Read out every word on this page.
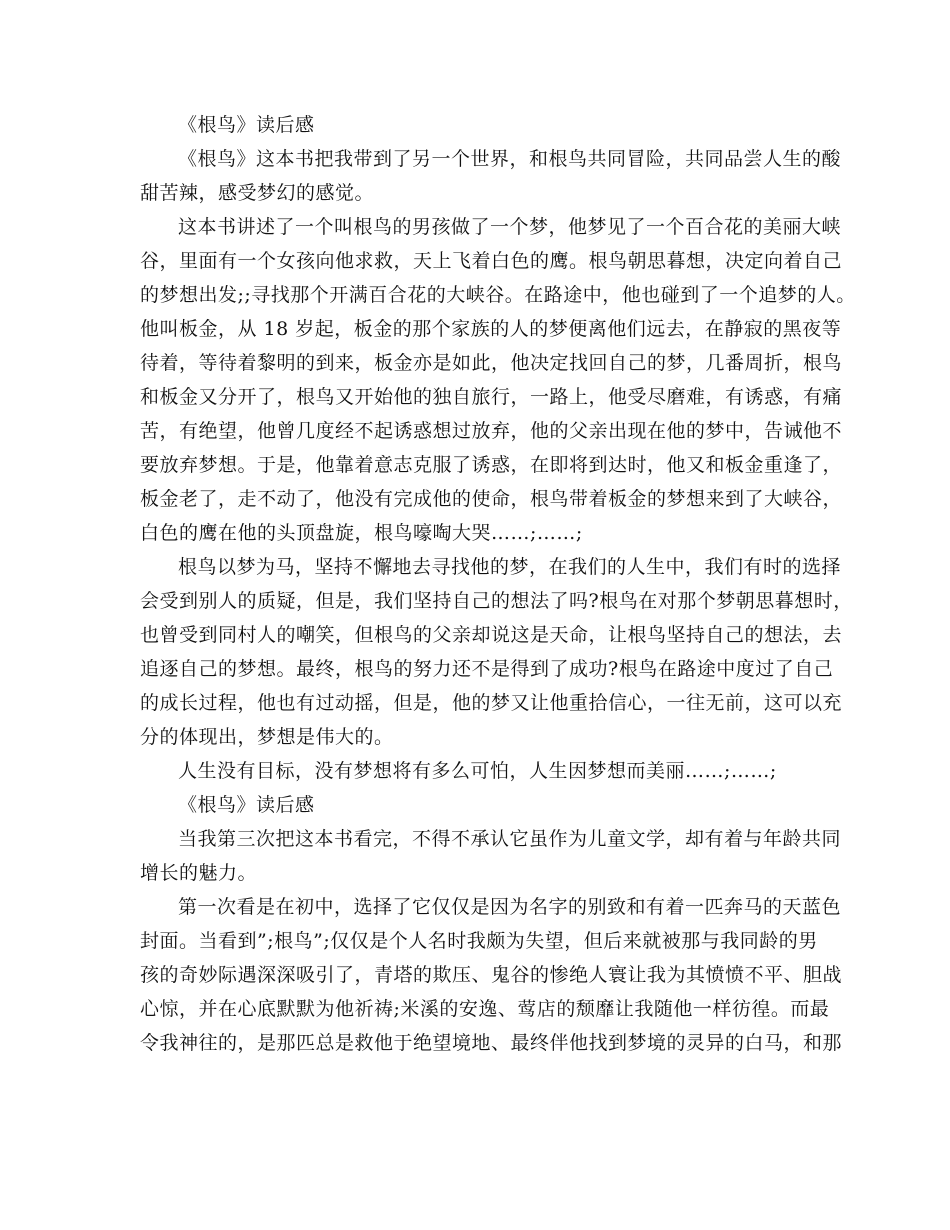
《根鸟》读后感
《根鸟》这本书把我带到了另一个世界，和根鸟共同冒险，共同品尝人生的酸
甜苦辣，感受梦幻的感觉。
这本书讲述了一个叫根鸟的男孩做了一个梦，他梦见了一个百合花的美丽大峡
谷，里面有一个女孩向他求救，天上飞着白色的鹰。根鸟朝思暮想，决定向着自己
的梦想出发;;寻找那个开满百合花的大峡谷。在路途中，他也碰到了一个追梦的人。
他叫板金，从 18 岁起，板金的那个家族的人的梦便离他们远去，在静寂的黑夜等
待着，等待着黎明的到来，板金亦是如此，他决定找回自己的梦，几番周折，根鸟
和板金又分开了，根鸟又开始他的独自旅行，一路上，他受尽磨难，有诱惑，有痛
苦，有绝望，他曾几度经不起诱惑想过放弃，他的父亲出现在他的梦中，告诫他不
要放弃梦想。于是，他靠着意志克服了诱惑，在即将到达时，他又和板金重逢了，
板金老了，走不动了，他没有完成他的使命，根鸟带着板金的梦想来到了大峡谷，
白色的鹰在他的头顶盘旋，根鸟嚎啕大哭……;……;
根鸟以梦为马，坚持不懈地去寻找他的梦，在我们的人生中，我们有时的选择
会受到别人的质疑，但是，我们坚持自己的想法了吗?根鸟在对那个梦朝思暮想时，
也曾受到同村人的嘲笑，但根鸟的父亲却说这是天命，让根鸟坚持自己的想法，去
追逐自己的梦想。最终，根鸟的努力还不是得到了成功?根鸟在路途中度过了自己
的成长过程，他也有过动摇，但是，他的梦又让他重拾信心，一往无前，这可以充
分的体现出，梦想是伟大的。
人生没有目标，没有梦想将有多么可怕，人生因梦想而美丽……;……;
《根鸟》读后感
当我第三次把这本书看完，不得不承认它虽作为儿童文学，却有着与年龄共同
增长的魅力。
第一次看是在初中，选择了它仅仅是因为名字的别致和有着一匹奔马的天蓝色
封面。当看到”;根鸟”;仅仅是个人名时我颇为失望，但后来就被那与我同龄的男
孩的奇妙际遇深深吸引了，青塔的欺压、鬼谷的惨绝人寰让我为其愤愤不平、胆战
心惊，并在心底默默为他祈祷;米溪的安逸、莺店的颓靡让我随他一样彷徨。而最
令我神往的，是那匹总是救他于绝望境地、最终伴他找到梦境的灵异的白马，和那
